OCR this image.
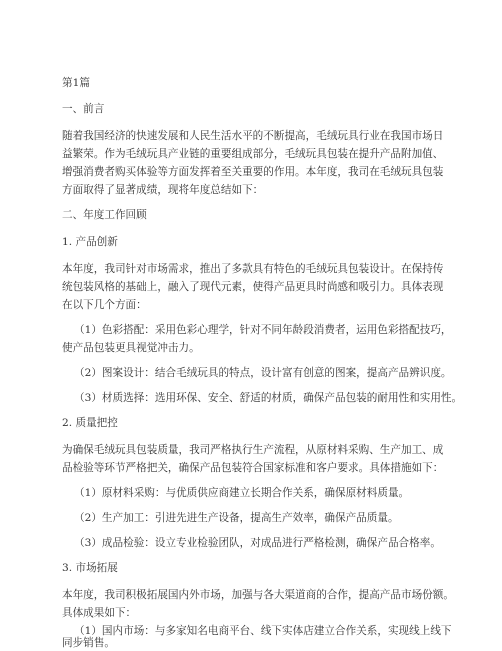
第1篇
一、前言
随着我国经济的快速发展和人民生活水平的不断提高，毛绒玩具行业在我国市场日
益繁荣。作为毛绒玩具产业链的重要组成部分，毛绒玩具包装在提升产品附加值、
增强消费者购买体验等方面发挥着至关重要的作用。本年度，我司在毛绒玩具包装
方面取得了显著成绩，现将年度总结如下：
二、年度工作回顾
1. 产品创新
本年度，我司针对市场需求，推出了多款具有特色的毛绒玩具包装设计。在保持传
统包装风格的基础上，融入了现代元素，使得产品更具时尚感和吸引力。具体表现
在以下几个方面：
（1）色彩搭配：采用色彩心理学，针对不同年龄段消费者，运用色彩搭配技巧，
使产品包装更具视觉冲击力。
（2）图案设计：结合毛绒玩具的特点，设计富有创意的图案，提高产品辨识度。
（3）材质选择：选用环保、安全、舒适的材质，确保产品包装的耐用性和实用性。
2. 质量把控
为确保毛绒玩具包装质量，我司严格执行生产流程，从原材料采购、生产加工、成
品检验等环节严格把关，确保产品包装符合国家标准和客户要求。具体措施如下：
（1）原材料采购：与优质供应商建立长期合作关系，确保原材料质量。
（2）生产加工：引进先进生产设备，提高生产效率，确保产品质量。
（3）成品检验：设立专业检验团队，对成品进行严格检测，确保产品合格率。
3. 市场拓展
本年度，我司积极拓展国内外市场，加强与各大渠道商的合作，提高产品市场份额。
具体成果如下：
（1）国内市场：与多家知名电商平台、线下实体店建立合作关系，实现线上线下
同步销售。
